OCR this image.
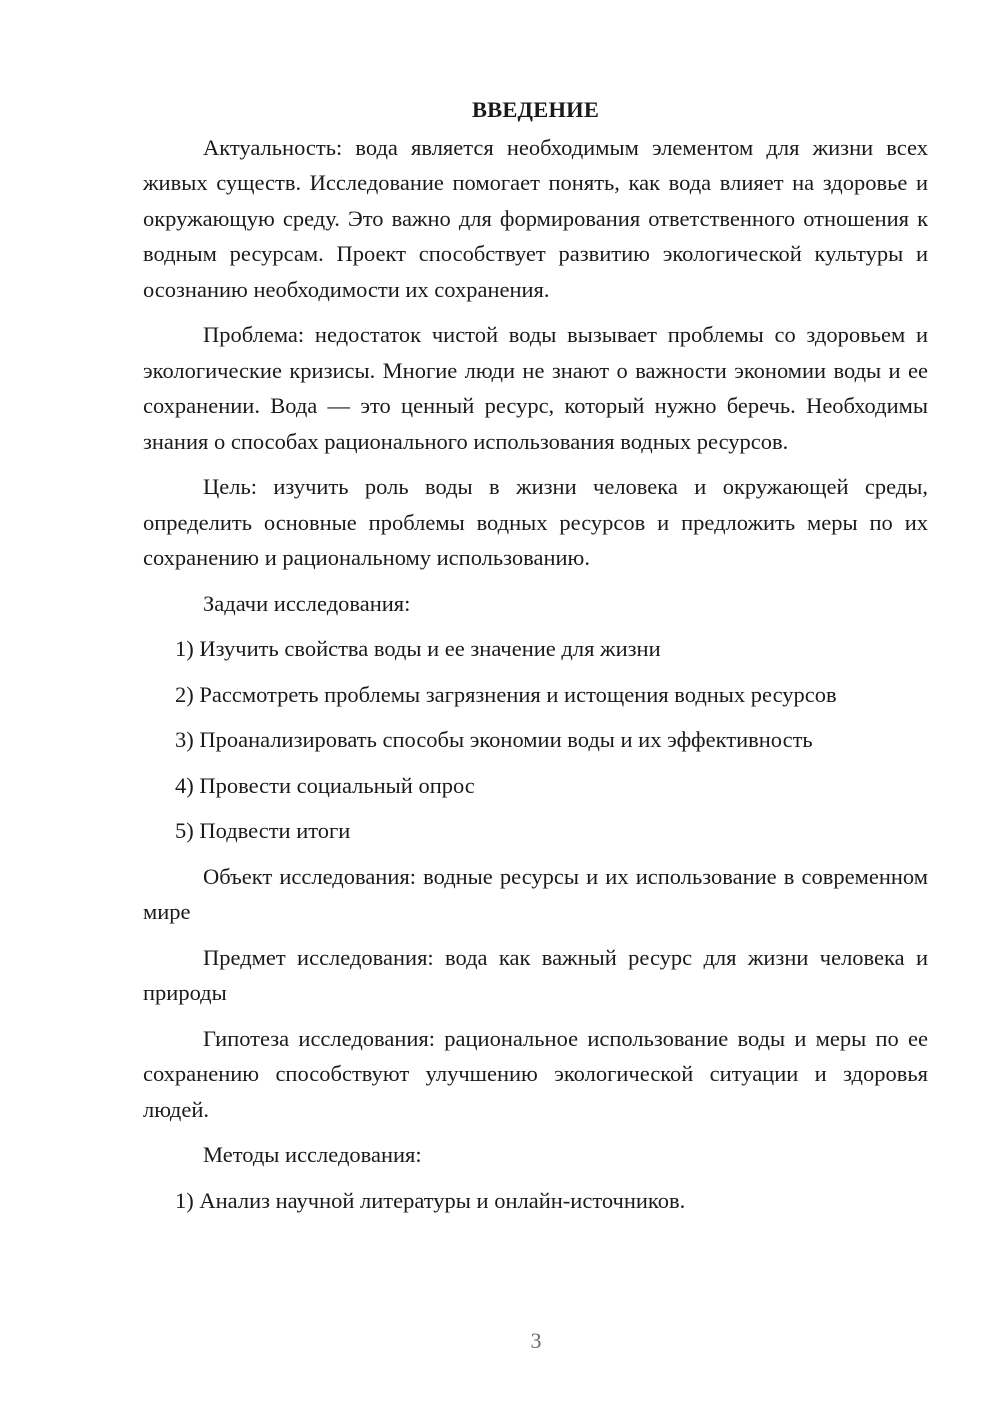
ВВЕДЕНИЕ

Актуальность: вода является необходимым элементом для жизни всех живых существ. Исследование помогает понять, как вода влияет на здоровье и окружающую среду. Это важно для формирования ответственного отношения к водным ресурсам. Проект способствует развитию экологической культуры и осознанию необходимости их сохранения.

Проблема: недостаток чистой воды вызывает проблемы со здоровьем и экологические кризисы. Многие люди не знают о важности экономии воды и ее сохранении. Вода — это ценный ресурс, который нужно беречь. Необходимы знания о способах рационального использования водных ресурсов.

Цель: изучить роль воды в жизни человека и окружающей среды, определить основные проблемы водных ресурсов и предложить меры по их сохранению и рациональному использованию.

Задачи исследования:

1) Изучить свойства воды и ее значение для жизни
2) Рассмотреть проблемы загрязнения и истощения водных ресурсов
3) Проанализировать способы экономии воды и их эффективность
4) Провести социальный опрос
5) Подвести итоги

Объект исследования: водные ресурсы и их использование в современном мире

Предмет исследования: вода как важный ресурс для жизни человека и природы

Гипотеза исследования: рациональное использование воды и меры по ее сохранению способствуют улучшению экологической ситуации и здоровья людей.

Методы исследования:

1) Анализ научной литературы и онлайн-источников.
3
